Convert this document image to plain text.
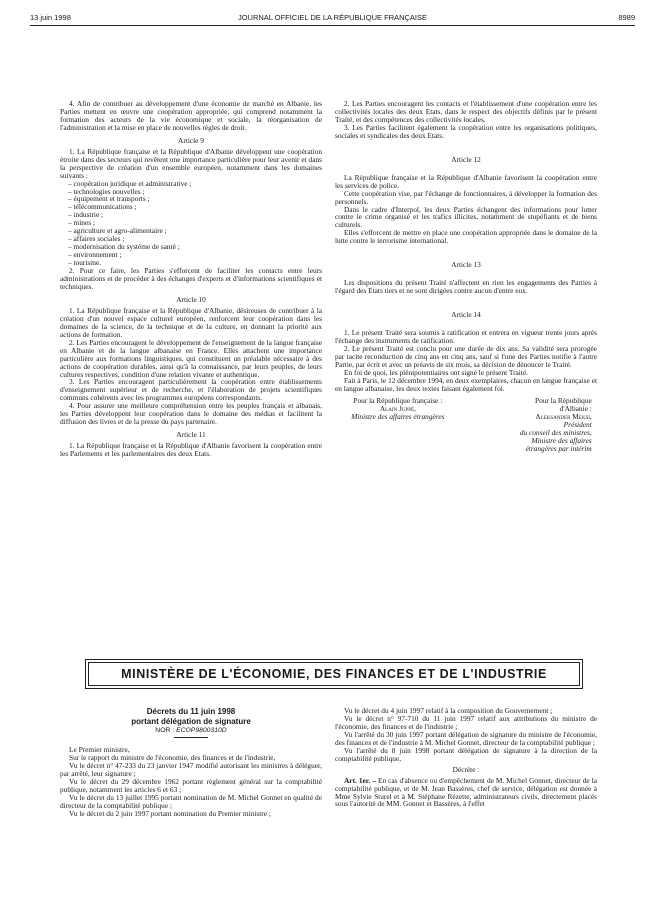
13 juin 1998	JOURNAL OFFICIEL DE LA RÉPUBLIQUE FRANÇAISE	8989

4. Afin de contribuer au développement d'une économie de marché en Albanie, les Parties mettent en œuvre une coopération appropriée, qui comprend notamment la formation des acteurs de la vie économique et sociale, la réorganisation de l'administration et la mise en place de nouvelles règles de droit.

Article 9

1. La République française et la République d'Albanie développent une coopération étroite dans des secteurs qui revêtent une importance particulière pour leur avenir et dans la perspective de création d'un ensemble européen, notamment dans les domaines suivants :

– coopération juridique et administrative ;
– technologies nouvelles ;
– équipement et transports ;
– télécommunications ;
– industrie ;
– mines ;
– agriculture et agro-alimentaire ;
– affaires sociales ;
– modernisation du système de santé ;
– environnement ;
– tourisme.

2. Pour ce faire, les Parties s'efforcent de faciliter les contacts entre leurs administrations et de procéder à des échanges d'experts et d'informations scientifiques et techniques.

Article 10

1. La République française et la République d'Albanie, désireuses de contribuer à la création d'un nouvel espace culturel européen, renforcent leur coopération dans les domaines de la science, de la technique et de la culture, en donnant la priorité aux actions de formation.

2. Les Parties encouragent le développement de l'enseignement de la langue française en Albanie et de la langue albanaise en France. Elles attachent une importance particulière aux formations linguistiques, qui constituent un préalable nécessaire à des actions de coopération durables, ainsi qu'à la connaissance, par leurs peuples, de leurs cultures respectives, condition d'une relation vivante et authentique.

3. Les Parties encouragent particulièrement la coopération entre établissements d'enseignement supérieur et de recherche, et l'élaboration de projets scientifiques communs cohérents avec les programmes européens correspondants.

4. Pour assurer une meilleure compréhension entre les peuples français et albanais, les Parties développent leur coopération dans le domaine des médias et facilitent la diffusion des livres et de la presse du pays partenaire.

Article 11

1. La République française et la République d'Albanie favorisent la coopération entre les Parlements et les parlementaires des deux Etats.

2. Les Parties encouragent les contacts et l'établissement d'une coopération entre les collectivités locales des deux Etats, dans le respect des objectifs définis par le présent Traité, et des compétences des collectivités locales.

3. Les Parties facilitent également la coopération entre les organisations politiques, sociales et syndicales des deux Etats.

Article 12

La République française et la République d'Albanie favorisent la coopération entre les services de police.

Cette coopération vise, par l'échange de fonctionnaires, à développer la formation des personnels.

Dans le cadre d'Interpol, les deux Parties échangent des informations pour lutter contre le crime organisé et les trafics illicites, notamment de stupéfiants et de biens culturels.

Elles s'efforcent de mettre en place une coopération appropriée dans le domaine de la lutte contre le terrorisme international.

Article 13

Les dispositions du présent Traité n'affectent en rien les engagements des Parties à l'égard des Etats tiers et ne sont dirigées contre aucun d'entre eux.

Article 14

1. Le présent Traité sera soumis à ratification et entrera en vigueur trente jours après l'échange des instruments de ratification.

2. Le présent Traité est conclu pour une durée de dix ans. Sa validité sera prorogée par tacite reconduction de cinq ans en cinq ans, sauf si l'une des Parties notifie à l'autre Partie, par écrit et avec un préavis de six mois, sa décision de dénoncer le Traité.

En foi de quoi, les plénipotentiaires ont signé le présent Traité.

Fait à Paris, le 12 décembre 1994, en deux exemplaires, chacun en langue française et en langue albanaise, les deux textes faisant également foi.

Pour la République française :
Alain Juppé,
Ministre des affaires étrangères
Pour la République
d'Albanie :
Aleksander Meksi,
Président
du conseil des ministres,
Ministre des affaires
étrangères par intérim
MINISTÈRE DE L'ÉCONOMIE, DES FINANCES ET DE L'INDUSTRIE
Décrets du 11 juin 1998
portant délégation de signature
NOR : ECOP9800310D

Le Premier ministre,

Sur le rapport du ministre de l'économie, des finances et de l'industrie,

Vu le décret n° 47-233 du 23 janvier 1947 modifié autorisant les ministres à déléguer, par arrêté, leur signature ;

Vu le décret du 29 décembre 1962 portant règlement général sur la comptabilité publique, notamment les articles 6 et 63 ;

Vu le décret du 13 juillet 1995 portant nomination de M. Michel Gonnet en qualité de directeur de la comptabilité publique ;

Vu le décret du 2 juin 1997 portant nomination du Premier ministre ;

Vu le décret du 4 juin 1997 relatif à la composition du Gouvernement ;

Vu le décret n° 97-710 du 11 juin 1997 relatif aux attributions du ministre de l'économie, des finances et de l'industrie ;

Vu l'arrêté du 30 juin 1997 portant délégation de signature du ministre de l'économie, des finances et de l'industrie à M. Michel Gonnet, directeur de la comptabilité publique ;

Vu l'arrêté du 8 juin 1998 portant délégation de signature à la direction de la comptabilité publique,

Décrète :

Art. 1er. – En cas d'absence ou d'empêchement de M. Michel Gonnet, directeur de la comptabilité publique, et de M. Jean Bassères, chef de service, délégation est donnée à Mme Sylvie Sturel et à M. Stéphane Rézette, administrateurs civils, directement placés sous l'autorité de MM. Gonnet et Bassères, à l'effet
